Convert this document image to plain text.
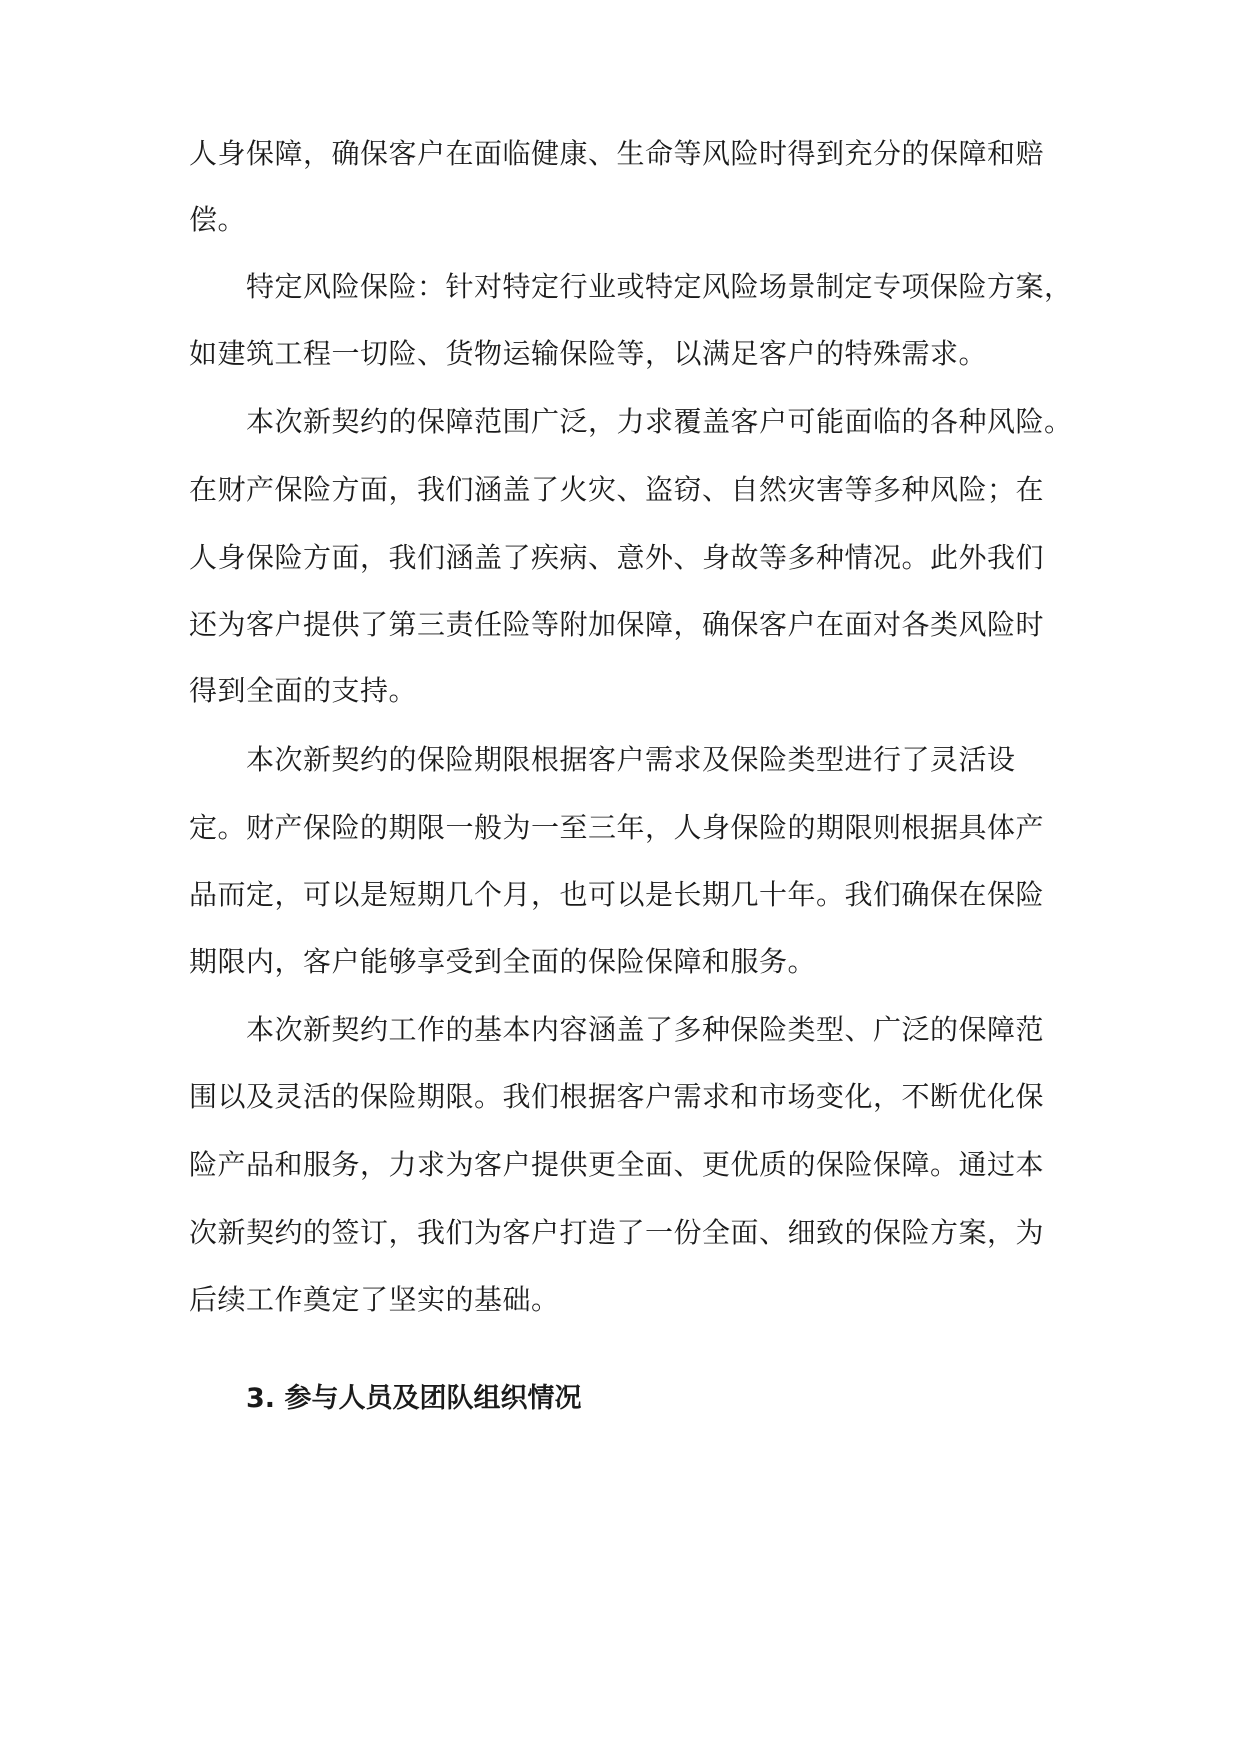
人身保障，确保客户在面临健康、生命等风险时得到充分的保障和赔
偿。
特定风险保险：针对特定行业或特定风险场景制定专项保险方案，
如建筑工程一切险、货物运输保险等，以满足客户的特殊需求。
本次新契约的保障范围广泛，力求覆盖客户可能面临的各种风险。
在财产保险方面，我们涵盖了火灾、盗窃、自然灾害等多种风险；在
人身保险方面，我们涵盖了疾病、意外、身故等多种情况。此外我们
还为客户提供了第三责任险等附加保障，确保客户在面对各类风险时
得到全面的支持。
本次新契约的保险期限根据客户需求及保险类型进行了灵活设
定。财产保险的期限一般为一至三年，人身保险的期限则根据具体产
品而定，可以是短期几个月，也可以是长期几十年。我们确保在保险
期限内，客户能够享受到全面的保险保障和服务。
本次新契约工作的基本内容涵盖了多种保险类型、广泛的保障范
围以及灵活的保险期限。我们根据客户需求和市场变化，不断优化保
险产品和服务，力求为客户提供更全面、更优质的保险保障。通过本
次新契约的签订，我们为客户打造了一份全面、细致的保险方案，为
后续工作奠定了坚实的基础。
3. 参与人员及团队组织情况
